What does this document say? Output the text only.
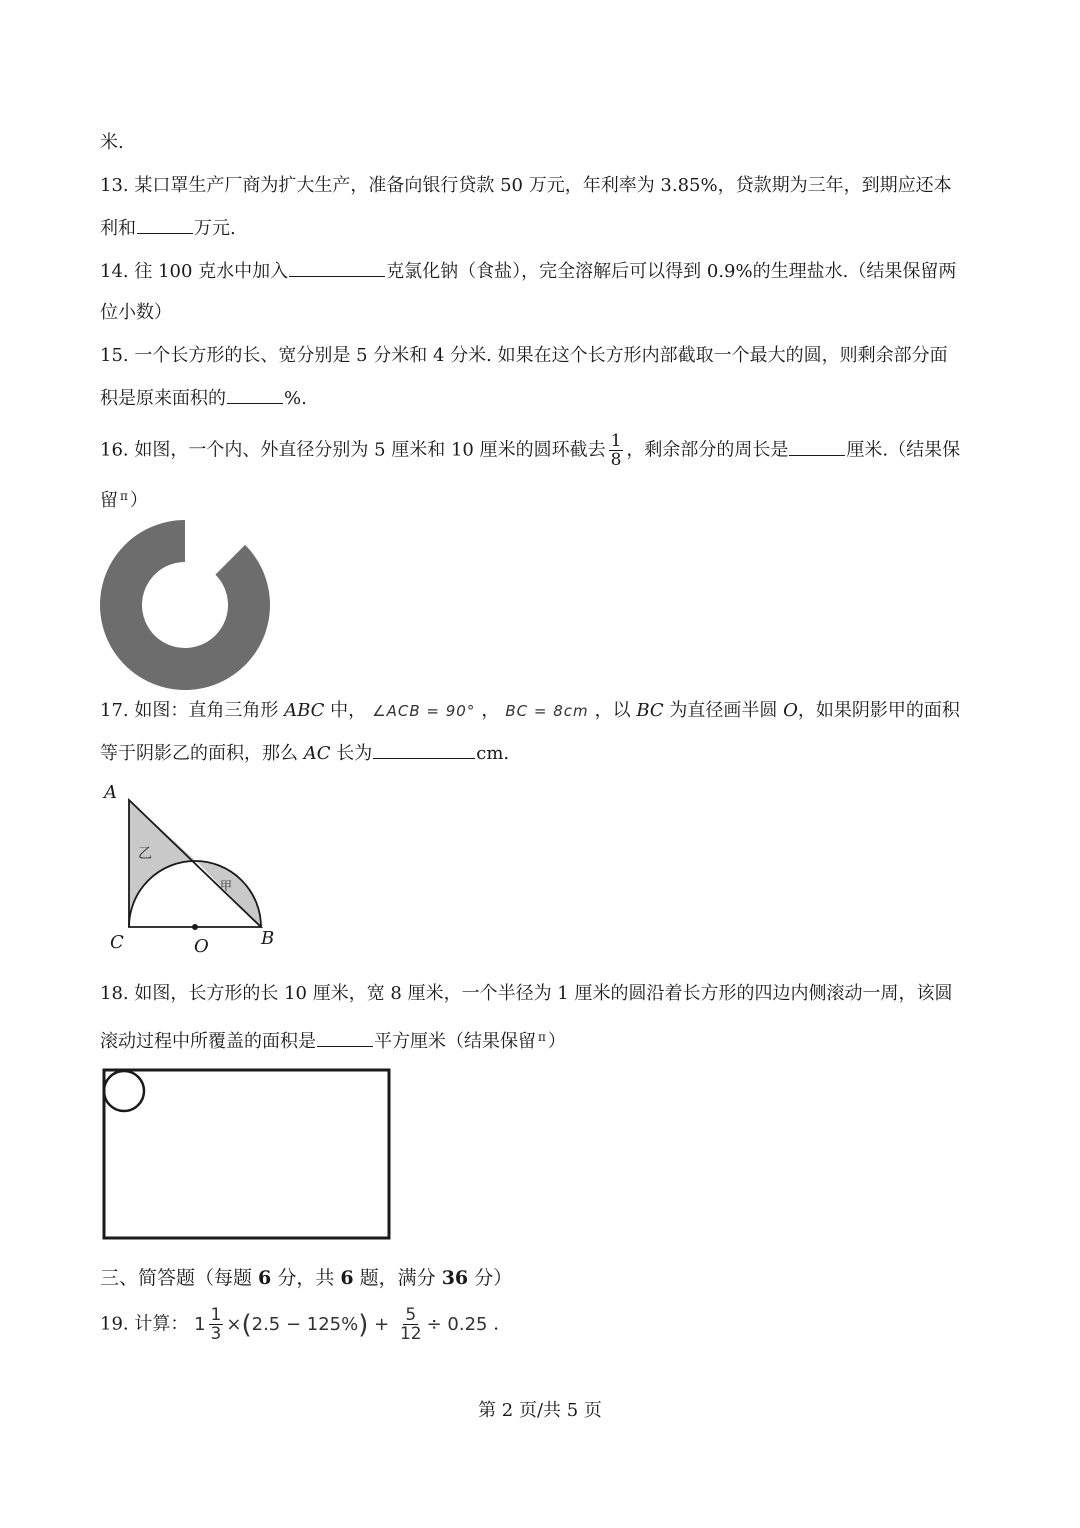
米.
13. 某口罩生产厂商为扩大生产，准备向银行贷款 50 万元，年利率为 3.85%，贷款期为三年，到期应还本
利和	万元.
14. 往 100 克水中加入	克氯化钠（食盐），完全溶解后可以得到 0.9%的生理盐水.（结果保留两
位小数）
15. 一个长方形的长、宽分别是 5 分米和 4 分米. 如果在这个长方形内部截取一个最大的圆，则剩余部分面
积是原来面积的	%.
16. 如图，一个内、外直径分别为 5 厘米和 10 厘米的圆环截去 $\frac{1}{8}$ ，剩余部分的周长是	厘米.（结果保
留 $^\pi$ ）
17. 如图：直角三角形 ABC 中， ∠ACB = 90° ， BC = 8cm ，以 BC 为直径画半圆 O，如果阴影甲的面积
等于阴影乙的面积，那么 AC 长为	cm.
A
C	O	B
乙
甲
18. 如图，长方形的长 10 厘米，宽 8 厘米，一个半径为 1 厘米的圆沿着长方形的四边内侧滚动一周，该圆
滚动过程中所覆盖的面积是	平方厘米（结果保留 $^\pi$ ）
三、简答题（每题 6 分，共 6 题，满分 36 分）
19. 计算： $1 \frac{1}{3} \times(2.5 - 125\%) + \frac{5}{12} \div 0.25$ .
第 2 页/共 5 页
